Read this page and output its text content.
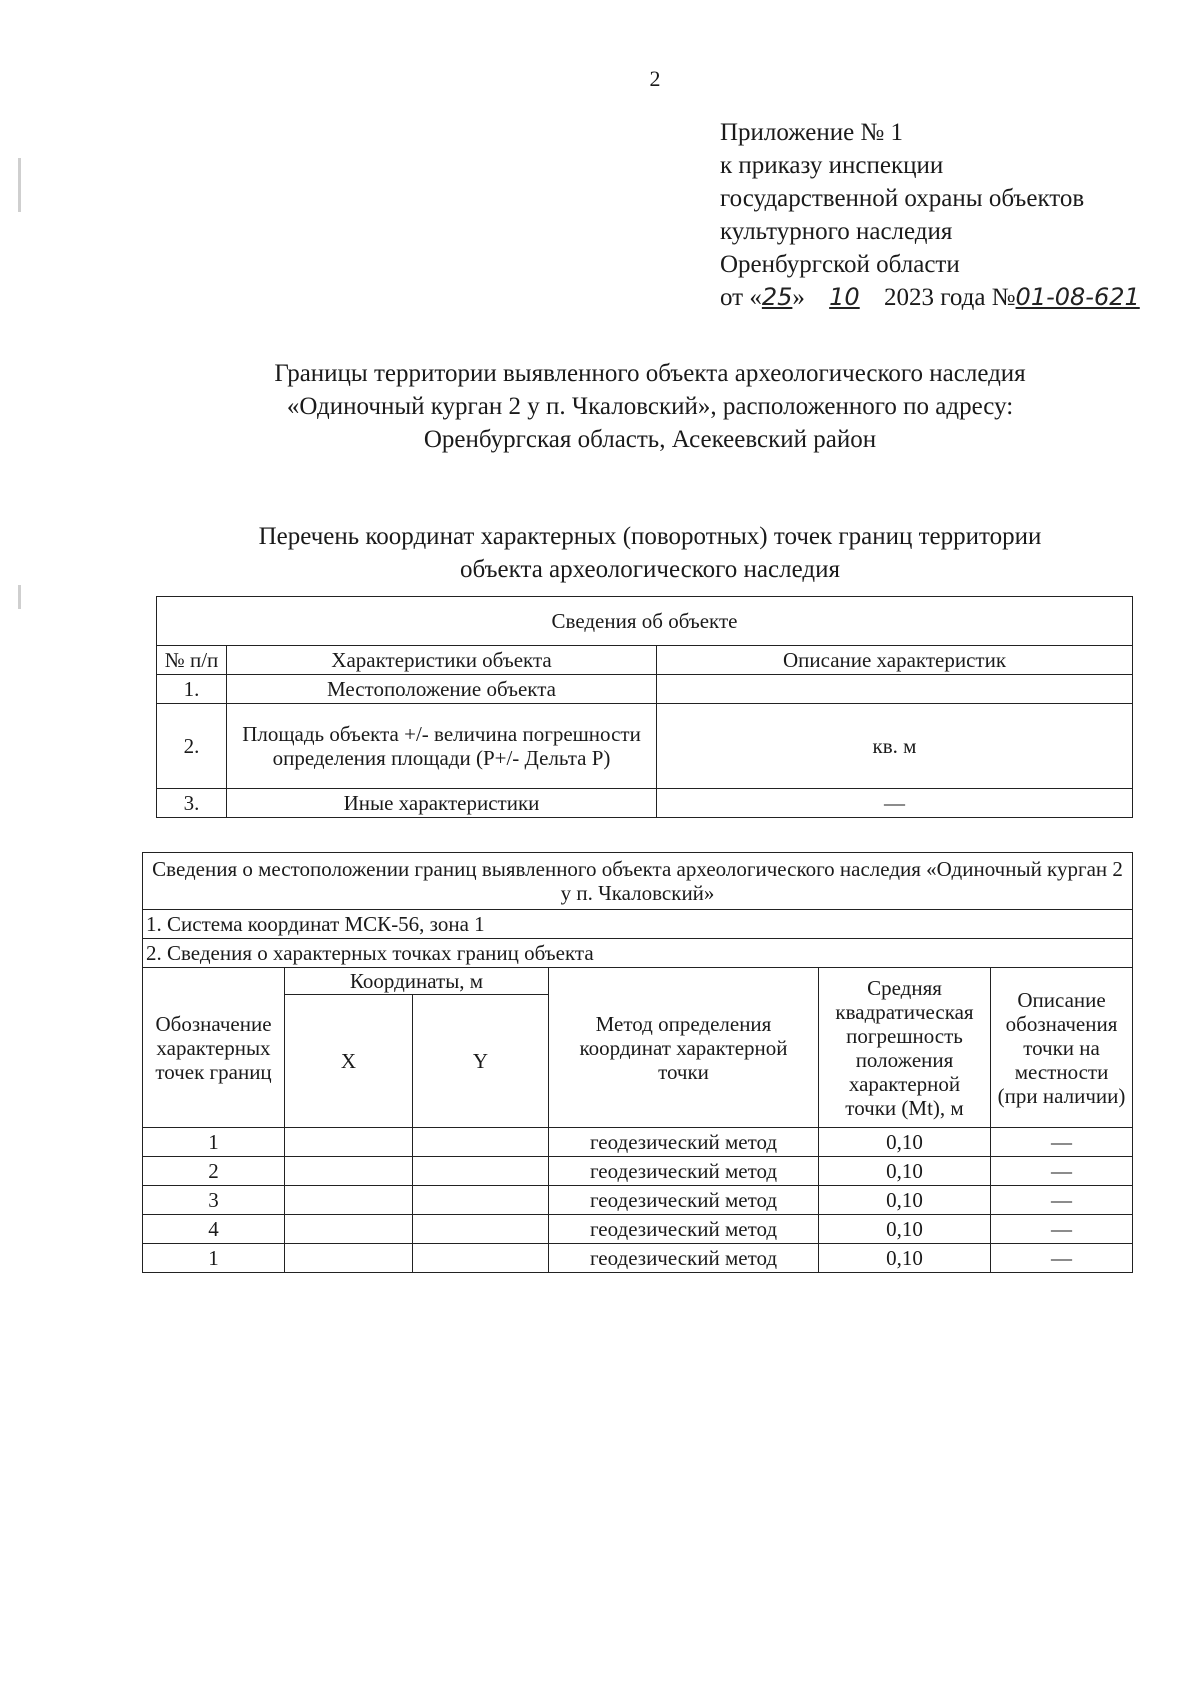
2
Приложение № 1
к приказу инспекции
государственной охраны объектов
культурного наследия
Оренбургской области
от «25» 10 2023 года №01-08-621
Границы территории выявленного объекта археологического наследия
«Одиночный курган 2 у п. Чкаловский», расположенного по адресу:
Оренбургская область, Асекеевский район
Перечень координат характерных (поворотных) точек границ территории
объекта археологического наследия
Сведения об объекте		
№ п/п	Характеристики объекта	Описание характеристик
1.	Местоположение объекта	
2.	Площадь объекта +/- величина погрешности определения площади (P+/- Дельта P)	кв. м
3.	Иные характеристики	—
Сведения о местоположении границ выявленного объекта археологического наследия «Одиночный курган 2 у п. Чкаловский»					
1. Система координат МСК-56, зона 1					
2. Сведения о характерных точках границ объекта					
Обозначение характерных точек границ	Координаты, м		Метод определения координат характерной точки	Средняя квадратическая погрешность положения характерной точки (Mt), м	Описание обозначения точки на местности (при наличии)
	X	Y			
1			геодезический метод	0,10	—
2			геодезический метод	0,10	—
3			геодезический метод	0,10	—
4			геодезический метод	0,10	—
1			геодезический метод	0,10	—
